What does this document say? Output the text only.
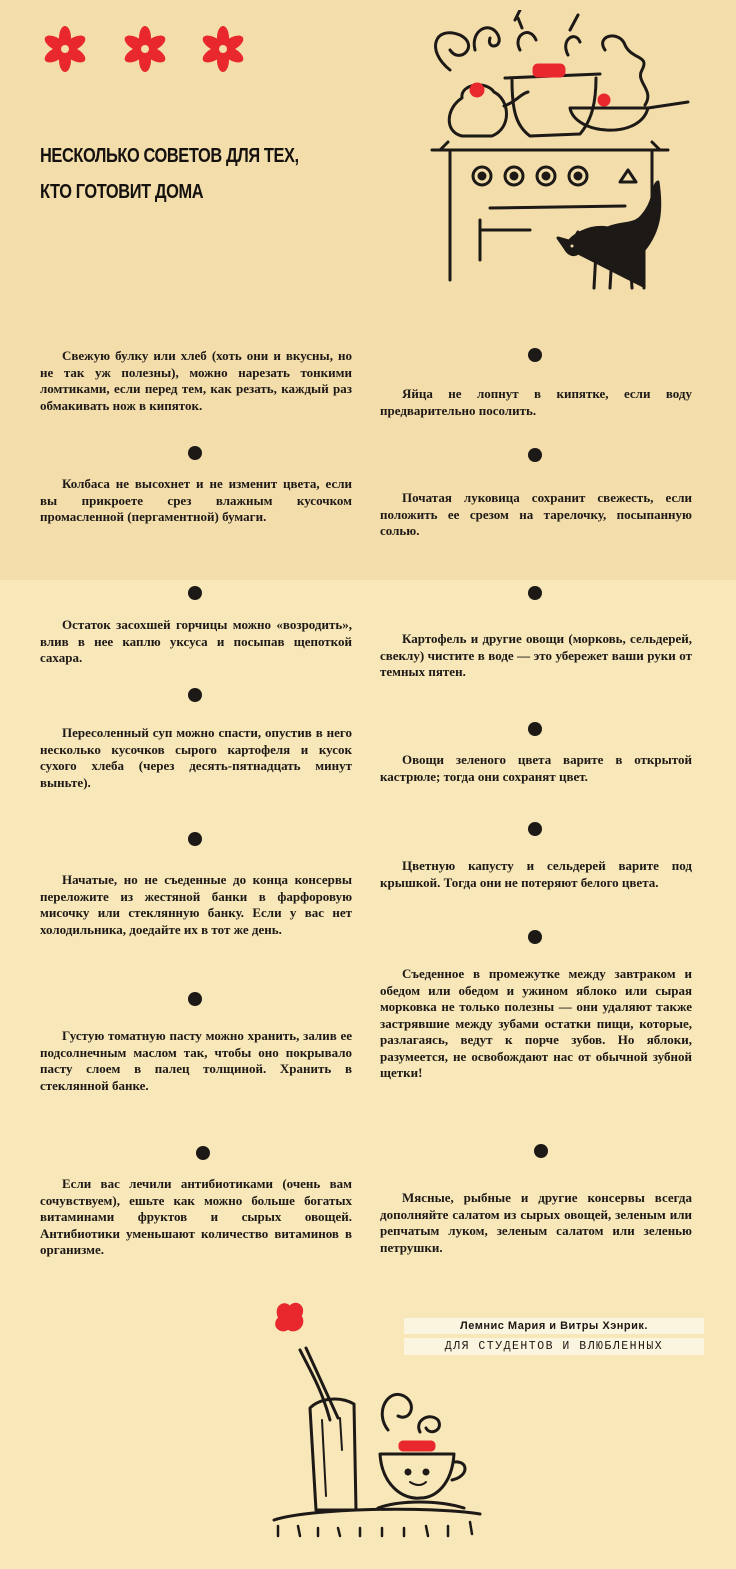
НЕСКОЛЬКО СОВЕТОВ ДЛЯ ТЕХ,
КТО ГОТОВИТ ДОМА
Свежую булку или хлеб (хоть они и вкусны, но не так уж полезны), можно нарезать тонкими ломтиками, если перед тем, как резать, каждый раз обмакивать нож в кипяток.
Колбаса не высохнет и не изменит цвета, если вы прикроете срез влажным кусочком промасленной (пергаментной) бумаги.
Остаток засохшей горчицы можно «возродить», влив в нее каплю уксуса и посыпав щепоткой сахара.
Пересоленный суп можно спасти, опустив в него несколько кусочков сырого картофеля и кусок сухого хлеба (через десять-пятнадцать минут выньте).
Начатые, но не съеденные до конца консервы переложите из жестяной банки в фарфоровую мисочку или стеклянную банку. Если у вас нет холодильника, доедайте их в тот же день.
Густую томатную пасту можно хранить, залив ее подсолнечным маслом так, чтобы оно покрывало пасту слоем в палец толщиной. Хранить в стеклянной банке.
Если вас лечили антибиотиками (очень вам сочувствуем), ешьте как можно больше богатых витаминами фруктов и сырых овощей. Антибиотики уменьшают количество витаминов в организме.
Яйца не лопнут в кипятке, если воду предварительно посолить.
Початая луковица сохранит свежесть, если положить ее срезом на тарелочку, посыпанную солью.
Картофель и другие овощи (морковь, сельдерей, свеклу) чистите в воде — это убережет ваши руки от темных пятен.
Овощи зеленого цвета варите в открытой кастрюле; тогда они сохранят цвет.
Цветную капусту и сельдерей варите под крышкой. Тогда они не потеряют белого цвета.
Съеденное в промежутке между завтраком и обедом или обедом и ужином яблоко или сырая морковка не только полезны — они удаляют также застрявшие между зубами остатки пищи, которые, разлагаясь, ведут к порче зубов. Но яблоки, разумеется, не освобождают нас от обычной зубной щетки!
Мясные, рыбные и другие консервы всегда дополняйте салатом из сырых овощей, зеленым или репчатым луком, зеленым салатом или зеленью петрушки.
Лемнис Мария и Витры Хэнрик.
ДЛЯ СТУДЕНТОВ И ВЛЮБЛЕННЫХ
